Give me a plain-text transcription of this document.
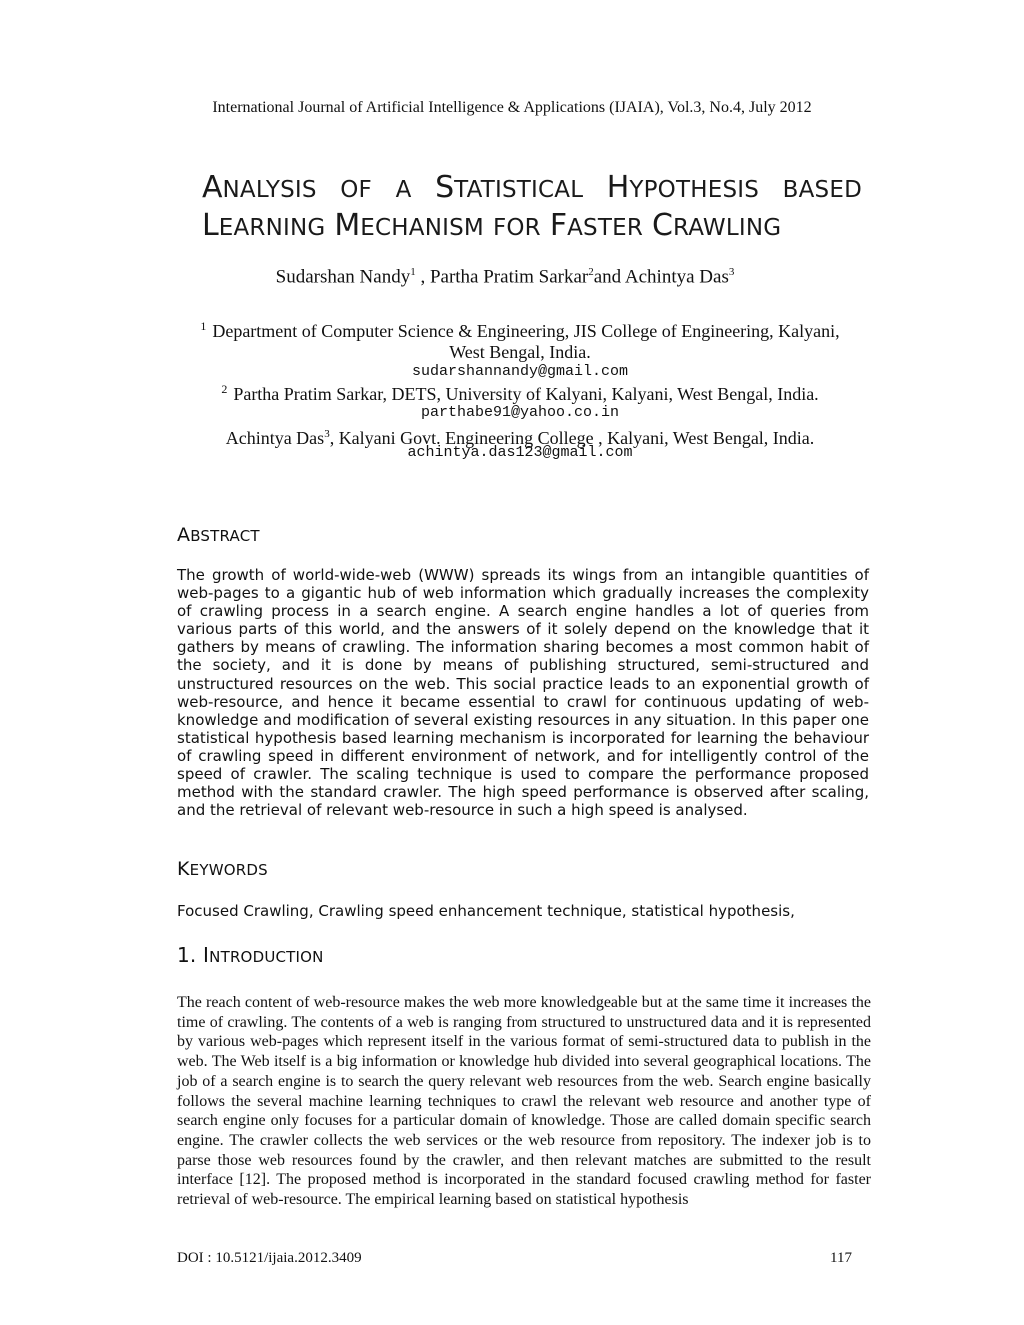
International Journal of Artificial Intelligence & Applications (IJAIA), Vol.3, No.4, July 2012
ANALYSIS OF A STATISTICAL HYPOTHESIS BASED
LEARNING MECHANISM FOR FASTER CRAWLING
Sudarshan Nandy$^1$ , Partha Pratim Sarkar$^2$and Achintya Das$^3$
$^1$ Department of Computer Science & Engineering, JIS College of Engineering, Kalyani,
West Bengal, India.
sudarshannandy@gmail.com
$^2$ Partha Pratim Sarkar, DETS, University of Kalyani, Kalyani, West Bengal, India.
parthabe91@yahoo.co.in
Achintya Das$^3$, Kalyani Govt. Engineering College , Kalyani, West Bengal, India.
achintya.das123@gmail.com
ABSTRACT
The growth of world-wide-web (WWW) spreads its wings from an intangible quantities of web-pages to a gigantic hub of web information which gradually increases the complexity of crawling process in a search engine. A search engine handles a lot of queries from various parts of this world, and the answers of it solely depend on the knowledge that it gathers by means of crawling. The information sharing becomes a most common habit of the society, and it is done by means of publishing structured, semi-structured and unstructured resources on the web. This social practice leads to an exponential growth of web-resource, and hence it became essential to crawl for continuous updating of web-knowledge and modification of several existing resources in any situation. In this paper one statistical hypothesis based learning mechanism is incorporated for learning the behaviour of crawling speed in different environment of network, and for intelligently control of the speed of crawler. The scaling technique is used to compare the performance proposed method with the standard crawler. The high speed performance is observed after scaling, and the retrieval of relevant web-resource in such a high speed is analysed.
KEYWORDS
Focused Crawling, Crawling speed enhancement technique, statistical hypothesis,
1. INTRODUCTION
The reach content of web-resource makes the web more knowledgeable but at the same time it increases the time of crawling. The contents of a web is ranging from structured to unstructured data and it is represented by various web-pages which represent itself in the various format of semi-structured data to publish in the web. The Web itself is a big information or knowledge hub divided into several geographical locations. The job of a search engine is to search the query relevant web resources from the web. Search engine basically follows the several machine learning techniques to crawl the relevant web resource and another type of search engine only focuses for a particular domain of knowledge. Those are called domain specific search engine. The crawler collects the web services or the web resource from repository. The indexer job is to parse those web resources found by the crawler, and then relevant matches are submitted to the result interface [12]. The proposed method is incorporated in the standard focused crawling method for faster retrieval of web-resource. The empirical learning based on statistical hypothesis
DOI : 10.5121/ijaia.2012.3409	117
